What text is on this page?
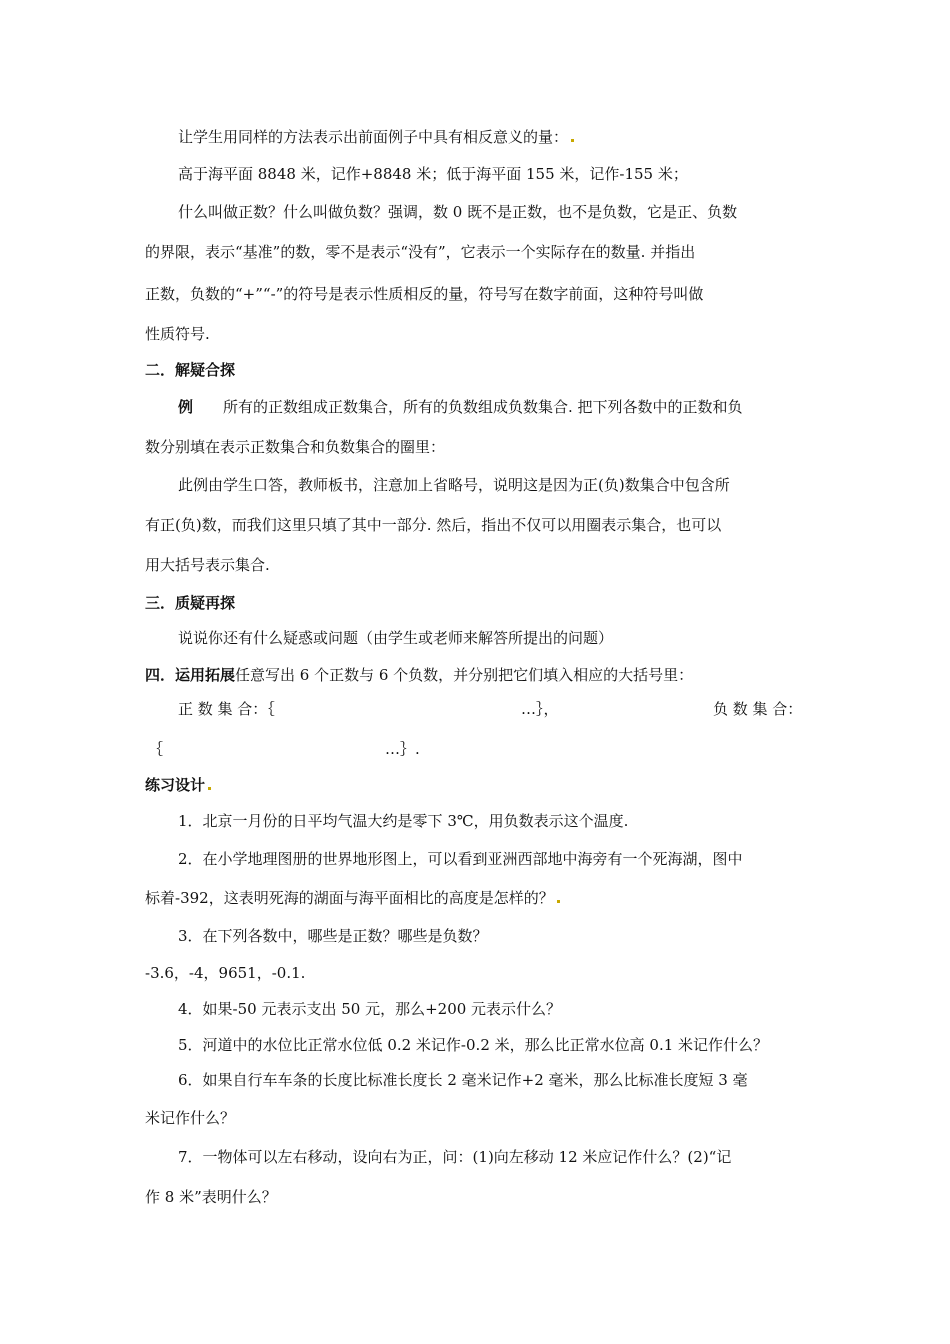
让学生用同样的方法表示出前面例子中具有相反意义的量：
高于海平面 8848 米，记作+8848 米；低于海平面 155 米，记作-155 米；
什么叫做正数？什么叫做负数？强调，数 0 既不是正数，也不是负数，它是正、负数
的界限，表示“基准”的数，零不是表示“没有”，它表示一个实际存在的数量. 并指出
正数，负数的“+”“-”的符号是表示性质相反的量，符号写在数字前面，这种符号叫做
性质符号.
二．解疑合探
例 所有的正数组成正数集合，所有的负数组成负数集合. 把下列各数中的正数和负
数分别填在表示正数集合和负数集合的圈里：
此例由学生口答，教师板书，注意加上省略号，说明这是因为正(负)数集合中包含所
有正(负)数，而我们这里只填了其中一部分. 然后，指出不仅可以用圈表示集合，也可以
用大括号表示集合.
三．质疑再探
说说你还有什么疑惑或问题（由学生或老师来解答所提出的问题）
四．运用拓展任意写出 6 个正数与 6 个负数，并分别把它们填入相应的大括号里：
正 数 集 合：｛	…｝，	负 数 集 合：
｛	…｝.
练习设计
1．北京一月份的日平均气温大约是零下 3℃，用负数表示这个温度.
2．在小学地理图册的世界地形图上，可以看到亚洲西部地中海旁有一个死海湖，图中
标着-392，这表明死海的湖面与海平面相比的高度是怎样的？
3．在下列各数中，哪些是正数？哪些是负数？
-3.6，-4，9651，-0.1.
4．如果-50 元表示支出 50 元，那么+200 元表示什么？
5．河道中的水位比正常水位低 0.2 米记作-0.2 米，那么比正常水位高 0.1 米记作什么？
6．如果自行车车条的长度比标准长度长 2 毫米记作+2 毫米，那么比标准长度短 3 毫
米记作什么？
7．一物体可以左右移动，设向右为正，问：(1)向左移动 12 米应记作什么？(2)“记
作 8 米”表明什么？
